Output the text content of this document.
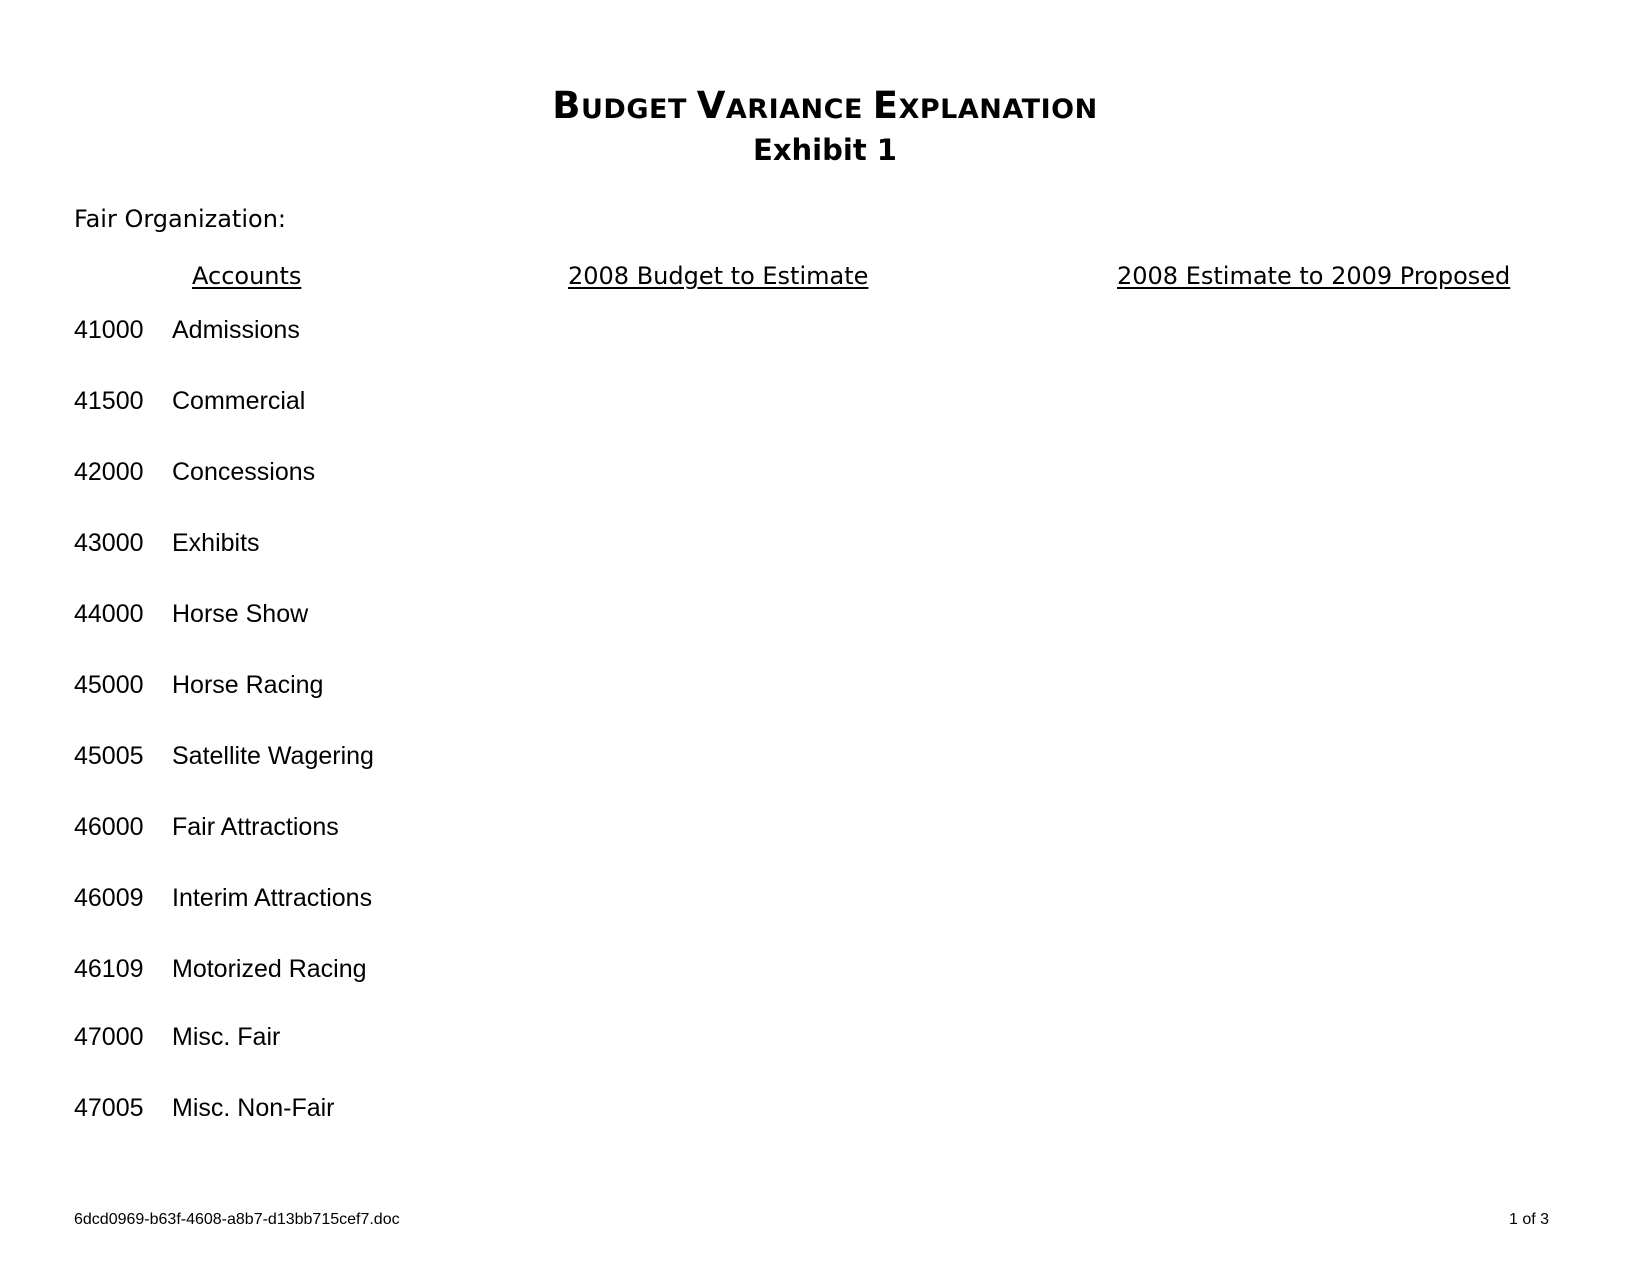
BUDGET VARIANCE EXPLANATION
Exhibit 1
Fair Organization:
Accounts	2008 Budget to Estimate	2008 Estimate to 2009 Proposed
41000 Admissions
41500 Commercial
42000 Concessions
43000 Exhibits
44000 Horse Show
45000 Horse Racing
45005 Satellite Wagering
46000 Fair Attractions
46009 Interim Attractions
46109 Motorized Racing
47000 Misc. Fair
47005 Misc. Non-Fair
6dcd0969-b63f-4608-a8b7-d13bb715cef7.doc	1 of 3
